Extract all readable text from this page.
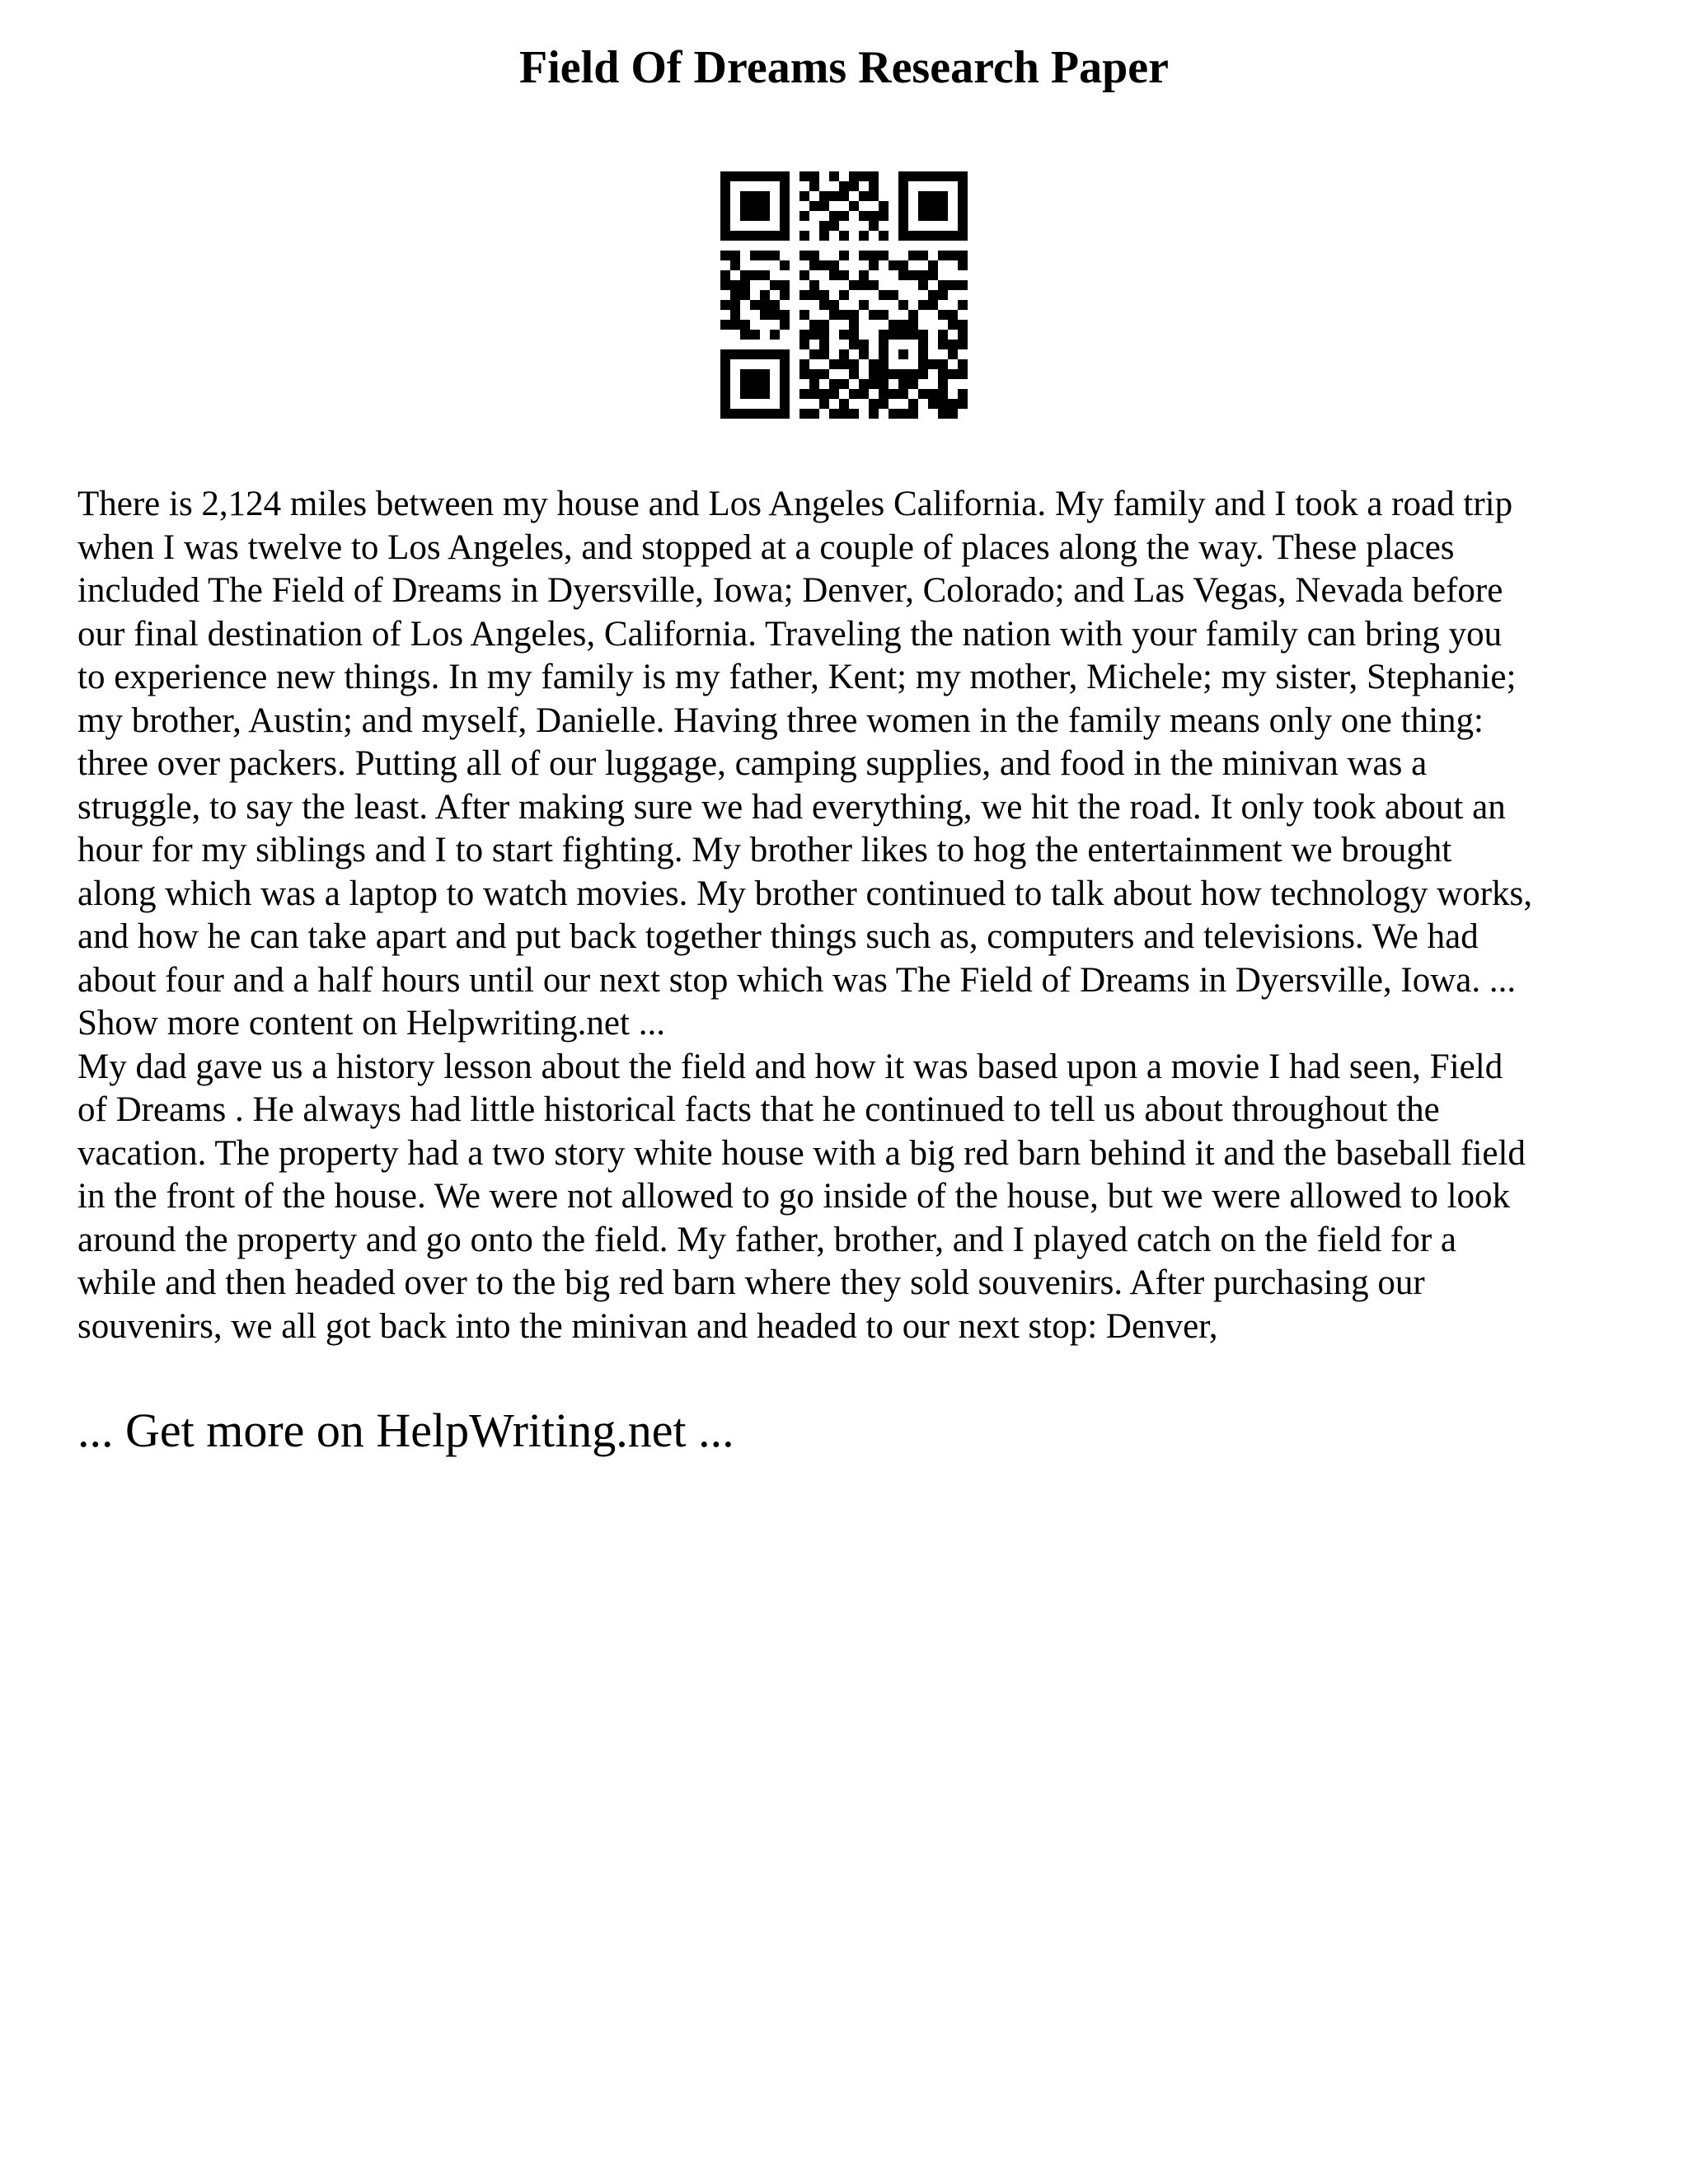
Field Of Dreams Research Paper

There is 2,124 miles between my house and Los Angeles California. My family and I took a road trip
when I was twelve to Los Angeles, and stopped at a couple of places along the way. These places
included The Field of Dreams in Dyersville, Iowa; Denver, Colorado; and Las Vegas, Nevada before
our final destination of Los Angeles, California. Traveling the nation with your family can bring you
to experience new things. In my family is my father, Kent; my mother, Michele; my sister, Stephanie;
my brother, Austin; and myself, Danielle. Having three women in the family means only one thing:
three over packers. Putting all of our luggage, camping supplies, and food in the minivan was a
struggle, to say the least. After making sure we had everything, we hit the road. It only took about an
hour for my siblings and I to start fighting. My brother likes to hog the entertainment we brought
along which was a laptop to watch movies. My brother continued to talk about how technology works,
and how he can take apart and put back together things such as, computers and televisions. We had
about four and a half hours until our next stop which was The Field of Dreams in Dyersville, Iowa. ...

Show more content on Helpwriting.net ...

My dad gave us a history lesson about the field and how it was based upon a movie I had seen, Field
of Dreams . He always had little historical facts that he continued to tell us about throughout the
vacation. The property had a two story white house with a big red barn behind it and the baseball field
in the front of the house. We were not allowed to go inside of the house, but we were allowed to look
around the property and go onto the field. My father, brother, and I played catch on the field for a
while and then headed over to the big red barn where they sold souvenirs. After purchasing our
souvenirs, we all got back into the minivan and headed to our next stop: Denver,

... Get more on HelpWriting.net ...
